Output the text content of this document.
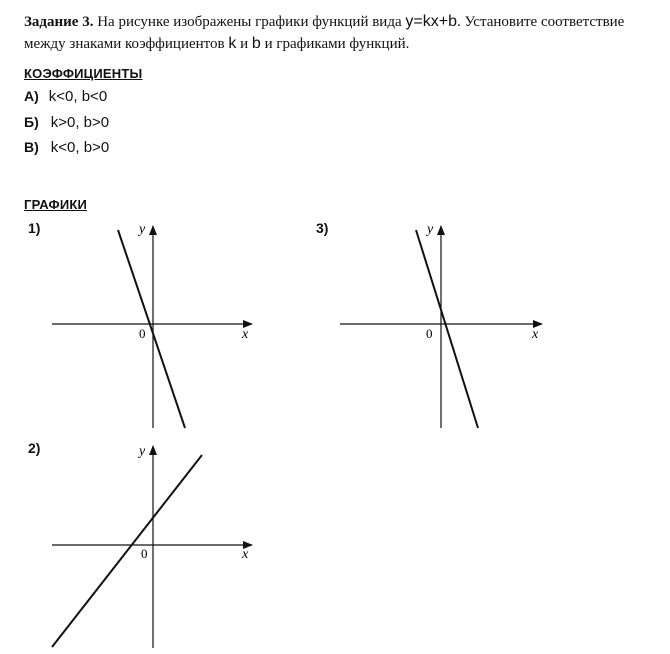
Задание 3. На рисунке изображены графики функций вида y=kx+b. Установите соответствие между знаками коэффициентов k и b и графиками функций.
КОЭФФИЦИЕНТЫ
А) k<0, b<0
Б) k>0, b>0
В) k<0, b>0
ГРАФИКИ
1)	3)
2)
y
x
0
y
x
0
y
x
0
